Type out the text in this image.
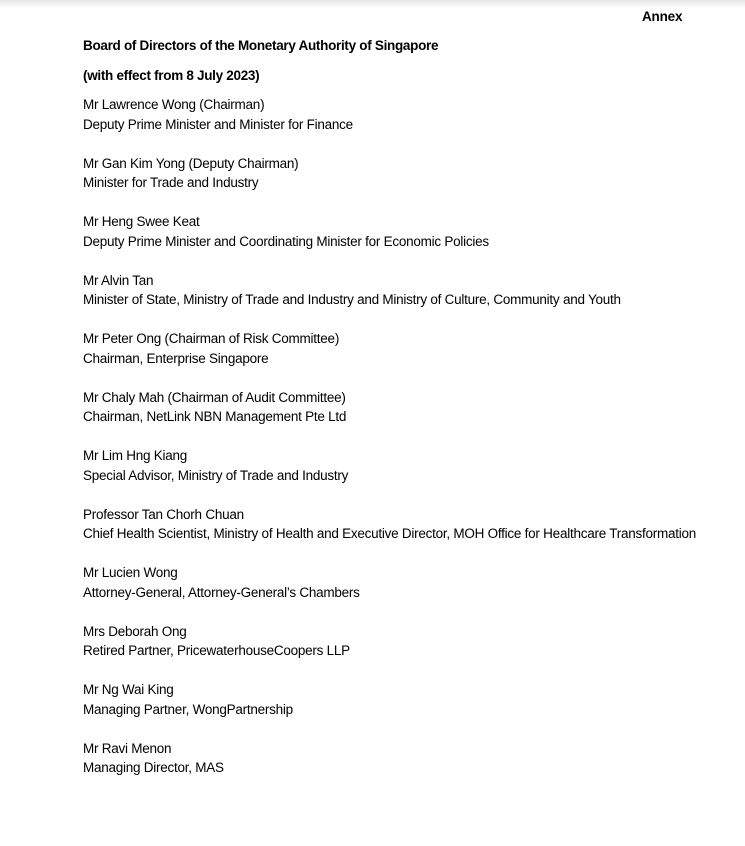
Annex
Board of Directors of the Monetary Authority of Singapore
(with effect from 8 July 2023)
Mr Lawrence Wong (Chairman)
Deputy Prime Minister and Minister for Finance
Mr Gan Kim Yong (Deputy Chairman)
Minister for Trade and Industry
Mr Heng Swee Keat
Deputy Prime Minister and Coordinating Minister for Economic Policies
Mr Alvin Tan
Minister of State, Ministry of Trade and Industry and Ministry of Culture, Community and Youth
Mr Peter Ong (Chairman of Risk Committee)
Chairman, Enterprise Singapore
Mr Chaly Mah (Chairman of Audit Committee)
Chairman, NetLink NBN Management Pte Ltd
Mr Lim Hng Kiang
Special Advisor, Ministry of Trade and Industry
Professor Tan Chorh Chuan
Chief Health Scientist, Ministry of Health and Executive Director, MOH Office for Healthcare Transformation
Mr Lucien Wong
Attorney-General, Attorney-General’s Chambers
Mrs Deborah Ong
Retired Partner, PricewaterhouseCoopers LLP
Mr Ng Wai King
Managing Partner, WongPartnership
Mr Ravi Menon
Managing Director, MAS
